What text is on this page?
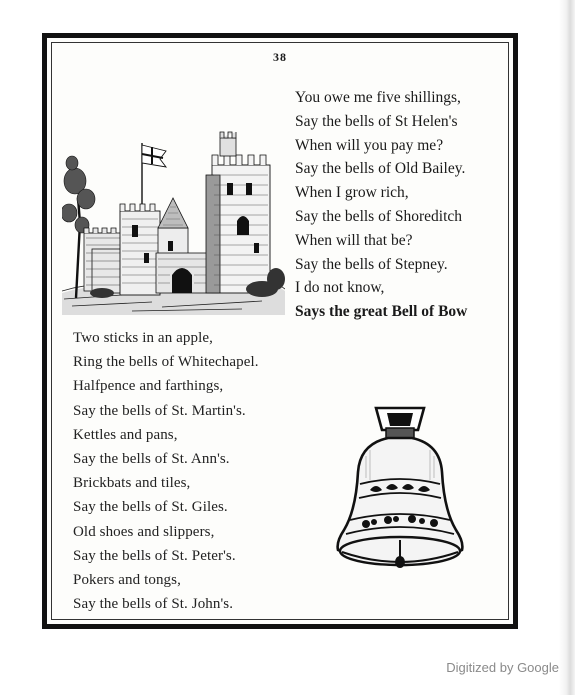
38

You owe me five shillings,

Say the bells of St Helen's

When will you pay me?

Say the bells of Old Bailey.

When I grow rich,

Say the bells of Shoreditch

When will that be?

Say the bells of Stepney.

I do not know,

Says the great Bell of Bow

Two sticks in an apple,

Ring the bells of Whitechapel.

Halfpence and farthings,

Say the bells of St. Martin's.

Kettles and pans,

Say the bells of St. Ann's.

Brickbats and tiles,

Say the bells of St. Giles.

Old shoes and slippers,

Say the bells of St. Peter's.

Pokers and tongs,

Say the bells of St. John's.

Digitized by Google
